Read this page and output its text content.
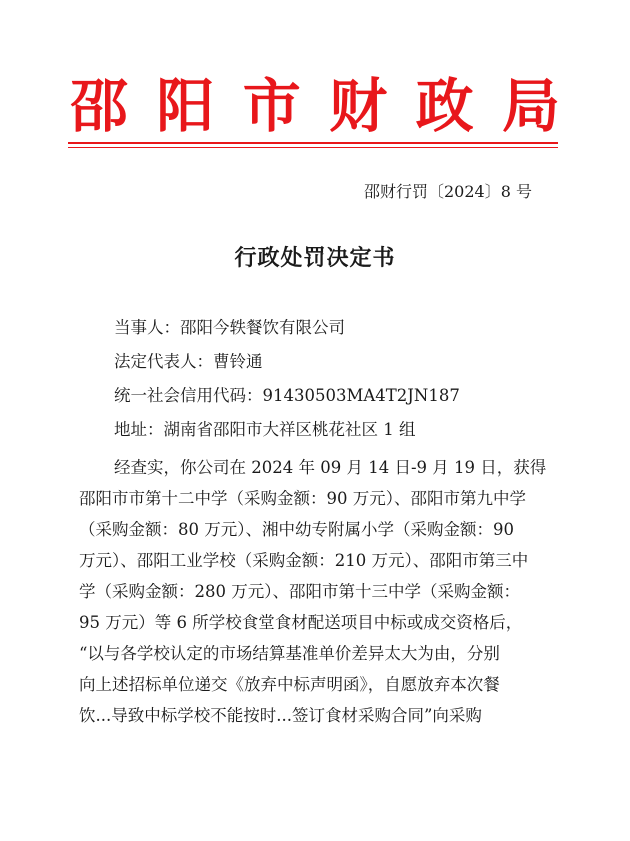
邵 阳 市 财 政 局
邵财行罚〔2024〕8 号
行政处罚决定书
当事人：邵阳今轶餐饮有限公司
法定代表人：曹铃通
统一社会信用代码：91430503MA4T2JN187
地址：湖南省邵阳市大祥区桃花社区 1 组
经查实，你公司在 2024 年 09 月 14 日-9 月 19 日，获得
邵阳市市第十二中学（采购金额：90 万元）、邵阳市第九中学
（采购金额：80 万元）、湘中幼专附属小学（采购金额：90
万元）、邵阳工业学校（采购金额：210 万元）、邵阳市第三中
学（采购金额：280 万元）、邵阳市第十三中学（采购金额：
95 万元）等 6 所学校食堂食材配送项目中标或成交资格后，
“以与各学校认定的市场结算基准单价差异太大为由，分别
向上述招标单位递交《放弃中标声明函》，自愿放弃本次餐
饮...导致中标学校不能按时...签订食材采购合同”向采购
